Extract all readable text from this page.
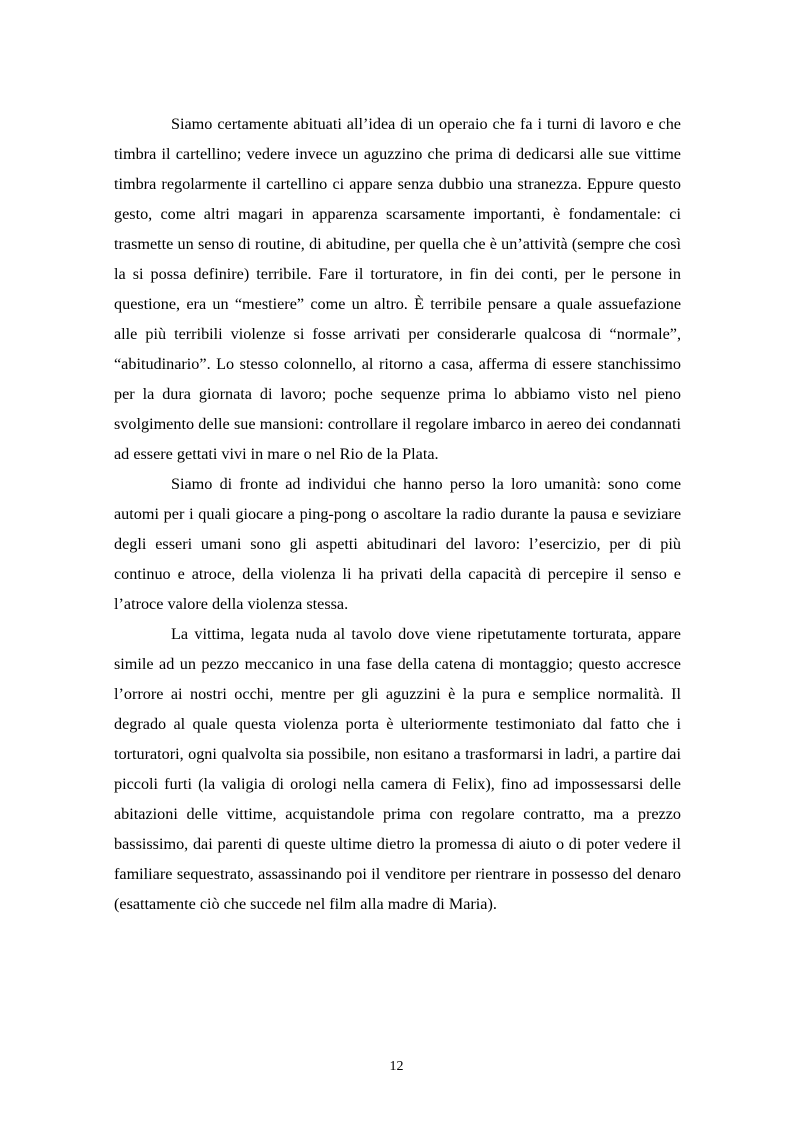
Siamo certamente abituati all’idea di un operaio che fa i turni di lavoro e che timbra il cartellino; vedere invece un aguzzino che prima di dedicarsi alle sue vittime timbra regolarmente il cartellino ci appare senza dubbio una stranezza. Eppure questo gesto, come altri magari in apparenza scarsamente importanti, è fondamentale: ci trasmette un senso di routine, di abitudine, per quella che è un’attività (sempre che così la si possa definire) terribile. Fare il torturatore, in fin dei conti, per le persone in questione, era un “mestiere” come un altro. È terribile pensare a quale assuefazione alle più terribili violenze si fosse arrivati per considerarle qualcosa di “normale”, “abitudinario”. Lo stesso colonnello, al ritorno a casa, afferma di essere stanchissimo per la dura giornata di lavoro; poche sequenze prima lo abbiamo visto nel pieno svolgimento delle sue mansioni: controllare il regolare imbarco in aereo dei condannati ad essere gettati vivi in mare o nel Rio de la Plata.

Siamo di fronte ad individui che hanno perso la loro umanità: sono come automi per i quali giocare a ping-pong o ascoltare la radio durante la pausa e seviziare degli esseri umani sono gli aspetti abitudinari del lavoro: l’esercizio, per di più continuo e atroce, della violenza li ha privati della capacità di percepire il senso e l’atroce valore della violenza stessa.

La vittima, legata nuda al tavolo dove viene ripetutamente torturata, appare simile ad un pezzo meccanico in una fase della catena di montaggio; questo accresce l’orrore ai nostri occhi, mentre per gli aguzzini è la pura e semplice normalità. Il degrado al quale questa violenza porta è ulteriormente testimoniato dal fatto che i torturatori, ogni qualvolta sia possibile, non esitano a trasformarsi in ladri, a partire dai piccoli furti (la valigia di orologi nella camera di Felix), fino ad impossessarsi delle abitazioni delle vittime, acquistandole prima con regolare contratto, ma a prezzo bassissimo, dai parenti di queste ultime dietro la promessa di aiuto o di poter vedere il familiare sequestrato, assassinando poi il venditore per rientrare in possesso del denaro (esattamente ciò che succede nel film alla madre di Maria).

12
